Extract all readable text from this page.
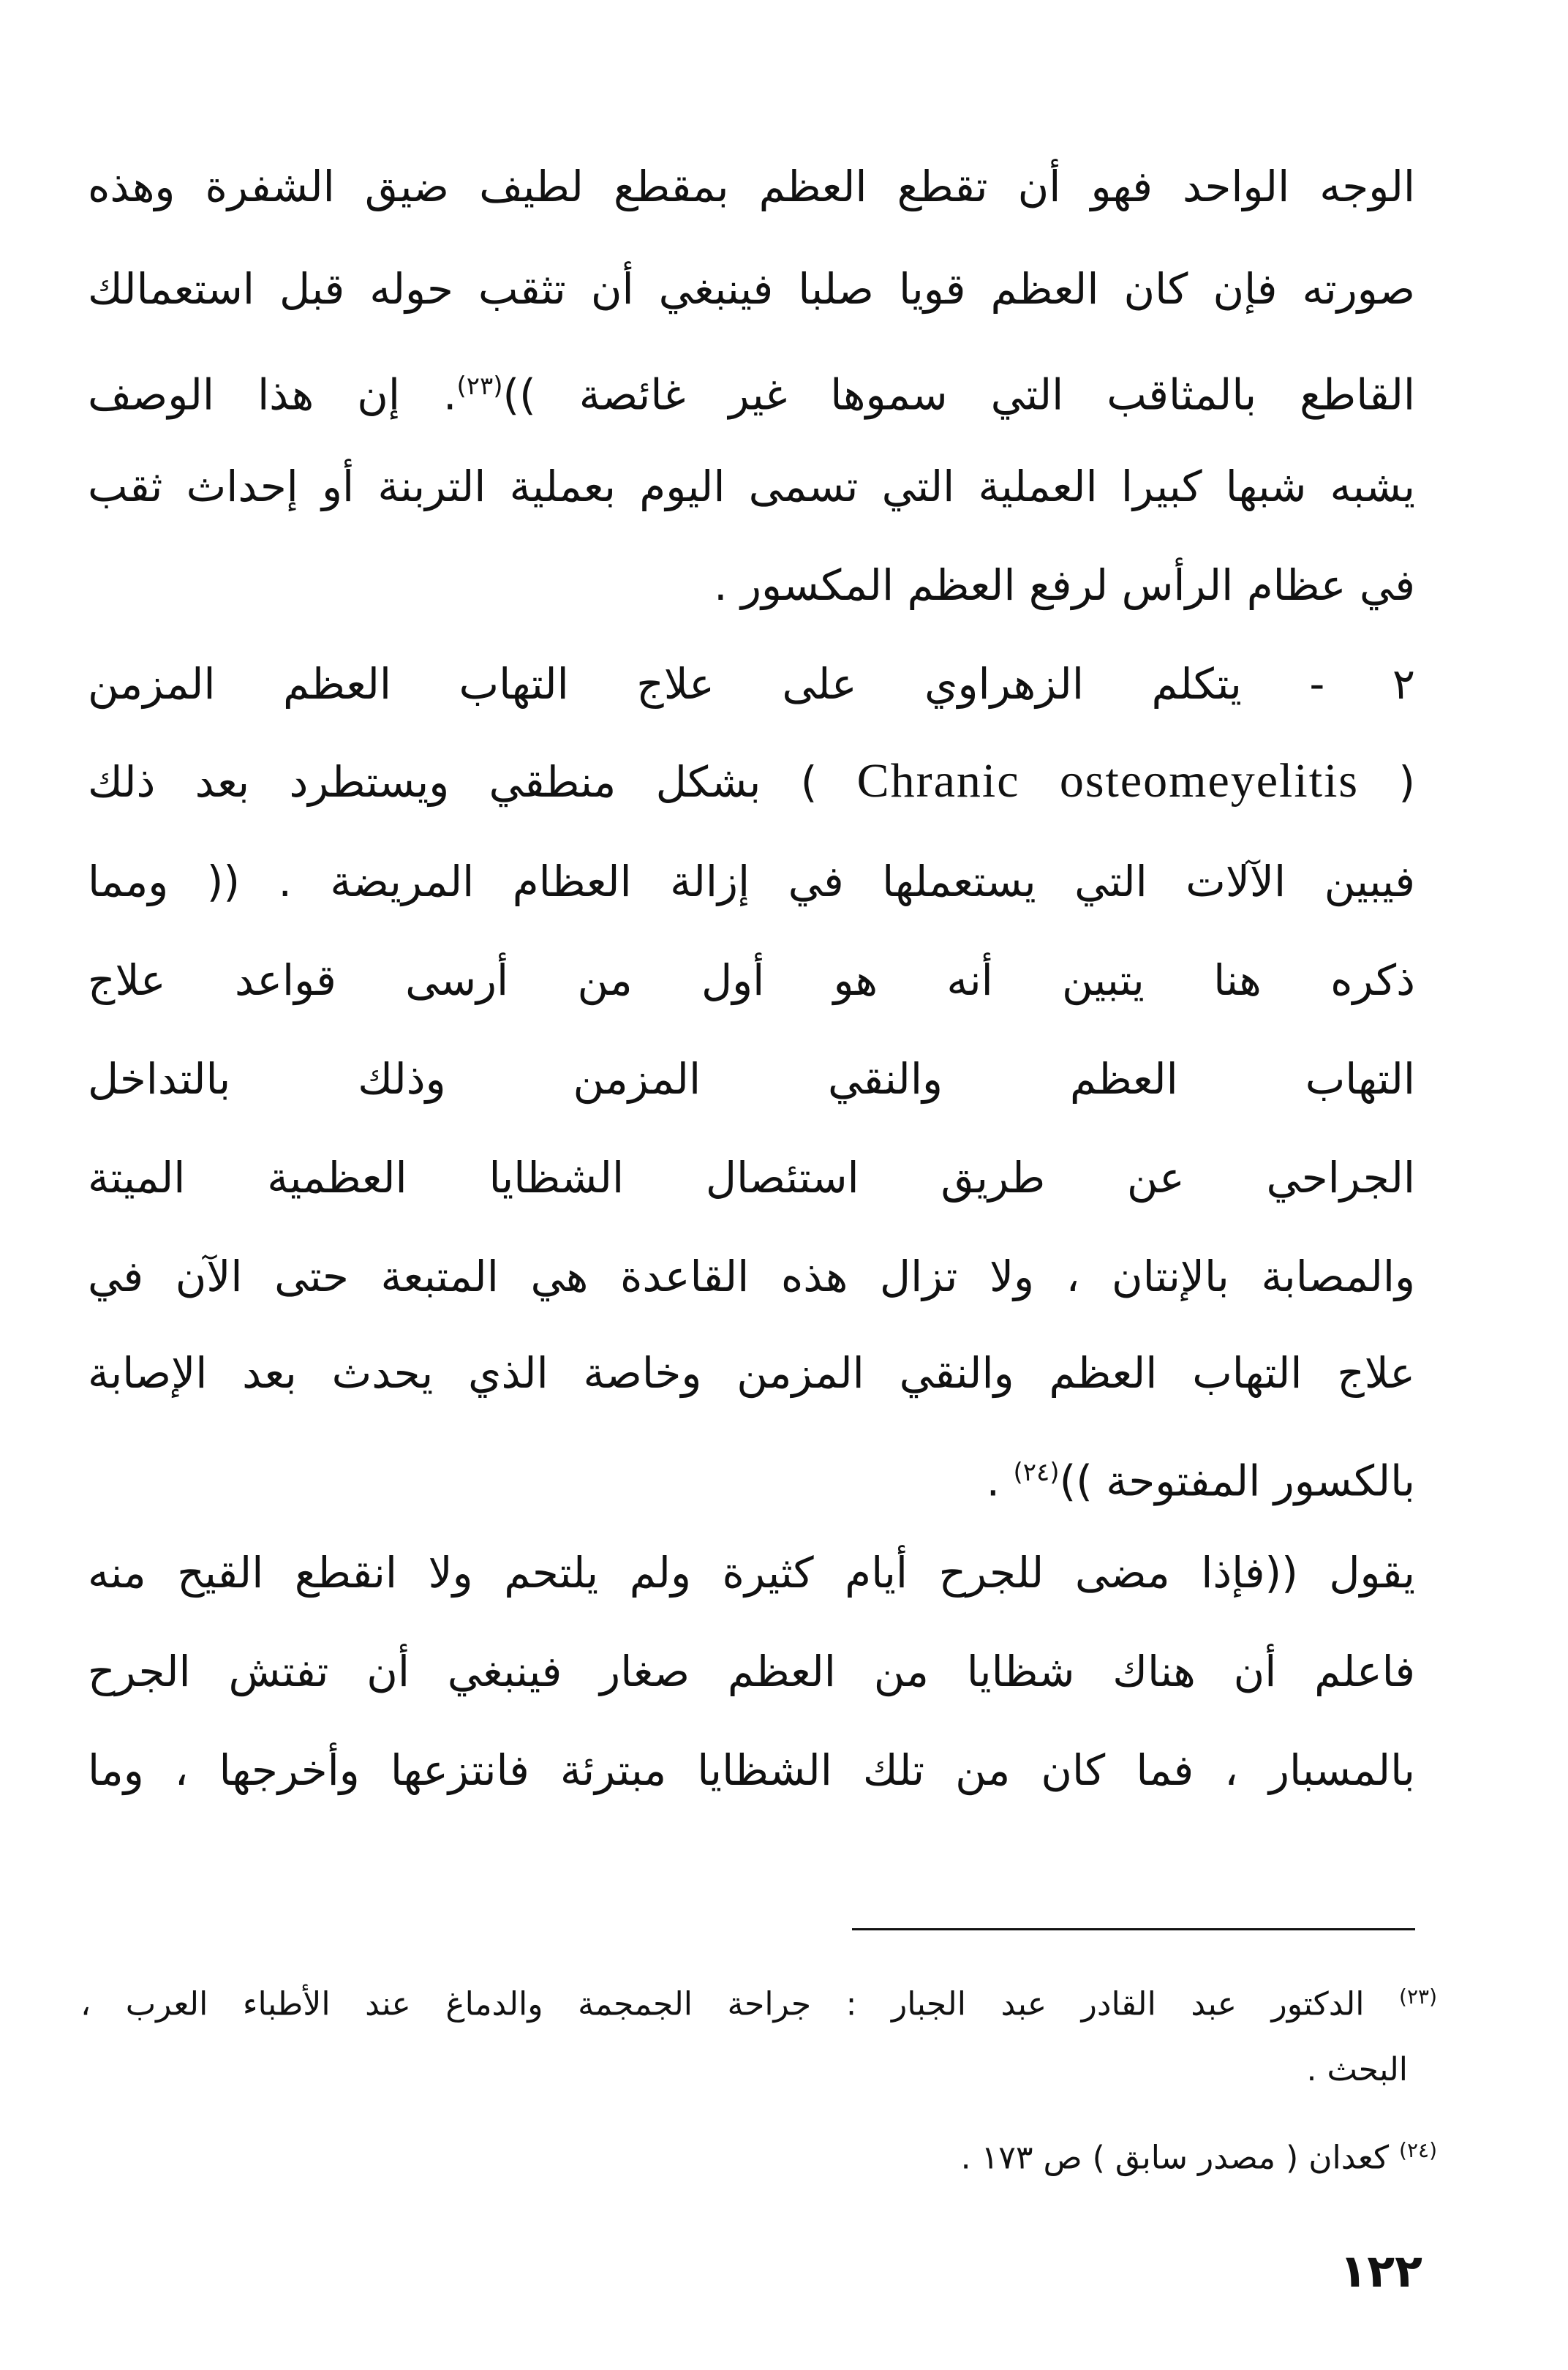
الوجه الواحد فهو أن تقطع العظم بمقطع لطيف ضيق الشفرة وهذه
صورته فإن كان العظم قويا صلبا فينبغي أن تثقب حوله قبل استعمالك
القاطع بالمثاقب التي سموها غير غائصة ))$^{(٢٣)}$. إن هذا الوصف
يشبه شبها كبيرا العملية التي تسمى اليوم بعملية التربنة أو إحداث ثقب
في عظام الرأس لرفع العظم المكسور .
٢ - يتكلم الزهراوي على علاج التهاب العظم المزمن
( Chranic osteomeyelitis ) بشكل منطقي ويستطرد بعد ذلك
فيبين الآلات التي يستعملها في إزالة العظام المريضة . (( ومما
ذكره هنا يتبين أنه هو أول من أرسى قواعد علاج
التهاب العظم والنقي المزمن وذلك بالتداخل
الجراحي عن طريق استئصال الشظايا العظمية الميتة
والمصابة بالإنتان ، ولا تزال هذه القاعدة هي المتبعة حتى الآن في
علاج التهاب العظم والنقي المزمن وخاصة الذي يحدث بعد الإصابة
بالكسور المفتوحة ))$^{(٢٤)}$ .
يقول ((فإذا مضى للجرح أيام كثيرة ولم يلتحم ولا انقطع القيح منه
فاعلم أن هناك شظايا من العظم صغار فينبغي أن تفتش الجرح
بالمسبار ، فما كان من تلك الشظايا مبترئة فانتزعها وأخرجها ، وما
$^{(٢٣)}$ الدكتور عبد القادر عبد الجبار : جراحة الجمجمة والدماغ عند الأطباء العرب ،
البحث .
$^{(٢٤)}$ كعدان ( مصدر سابق ) ص ١٧٣ .
١٢٢
